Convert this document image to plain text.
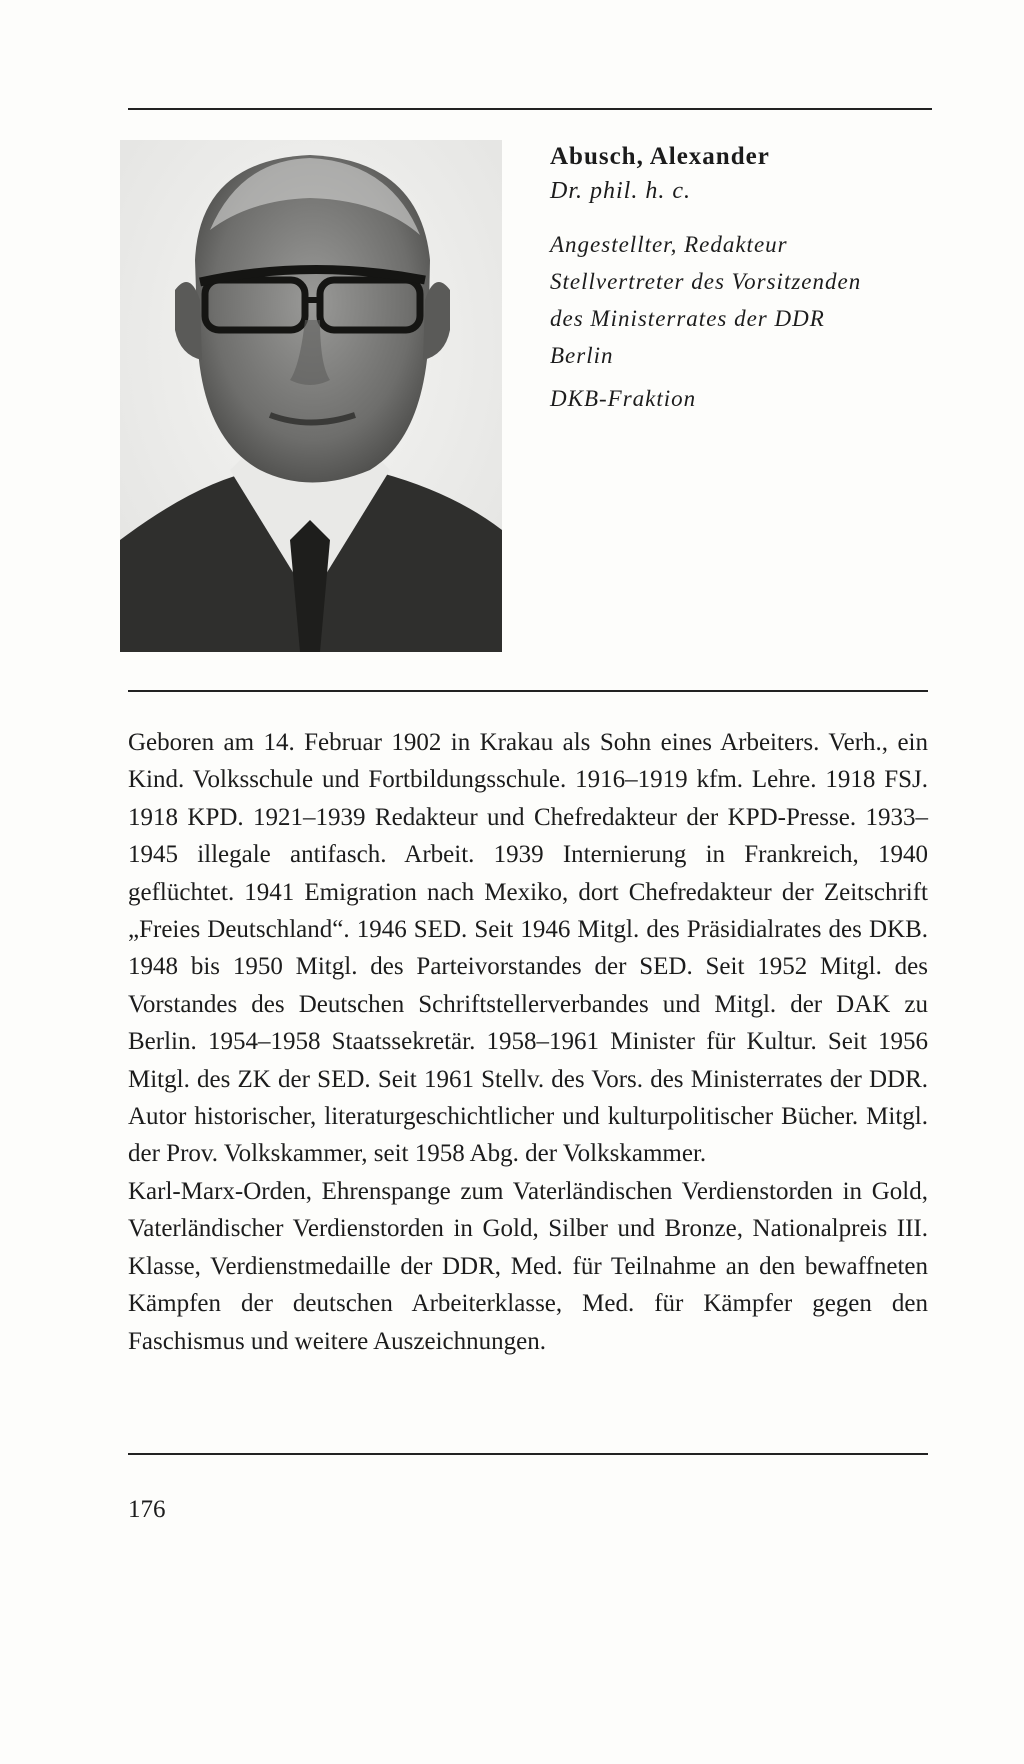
Abusch, Alexander

Dr. phil. h. c.

Angestellter, Redakteur

Stellvertreter des Vorsitzenden

des Ministerrates der DDR

Berlin

DKB-Fraktion

Geboren am 14. Februar 1902 in Krakau als Sohn eines Arbeiters. Verh., ein Kind. Volksschule und Fortbildungsschule. 1916–1919 kfm. Lehre. 1918 FSJ. 1918 KPD. 1921–1939 Redakteur und Chefredakteur der KPD-Presse. 1933–1945 illegale antifasch. Arbeit. 1939 Internierung in Frankreich, 1940 geflüchtet. 1941 Emigration nach Mexiko, dort Chefredakteur der Zeitschrift „Freies Deutschland“. 1946 SED. Seit 1946 Mitgl. des Präsidialrates des DKB. 1948 bis 1950 Mitgl. des Parteivorstandes der SED. Seit 1952 Mitgl. des Vorstandes des Deutschen Schriftstellerverbandes und Mitgl. der DAK zu Berlin. 1954–1958 Staatssekretär. 1958–1961 Minister für Kultur. Seit 1956 Mitgl. des ZK der SED. Seit 1961 Stellv. des Vors. des Ministerrates der DDR. Autor historischer, literaturgeschichtlicher und kulturpolitischer Bücher. Mitgl. der Prov. Volkskammer, seit 1958 Abg. der Volkskammer.

Karl-Marx-Orden, Ehrenspange zum Vaterländischen Verdienstorden in Gold, Vaterländischer Verdienstorden in Gold, Silber und Bronze, Nationalpreis III. Klasse, Verdienstmedaille der DDR, Med. für Teilnahme an den bewaffneten Kämpfen der deutschen Arbeiterklasse, Med. für Kämpfer gegen den Faschismus und weitere Auszeichnungen.

176
